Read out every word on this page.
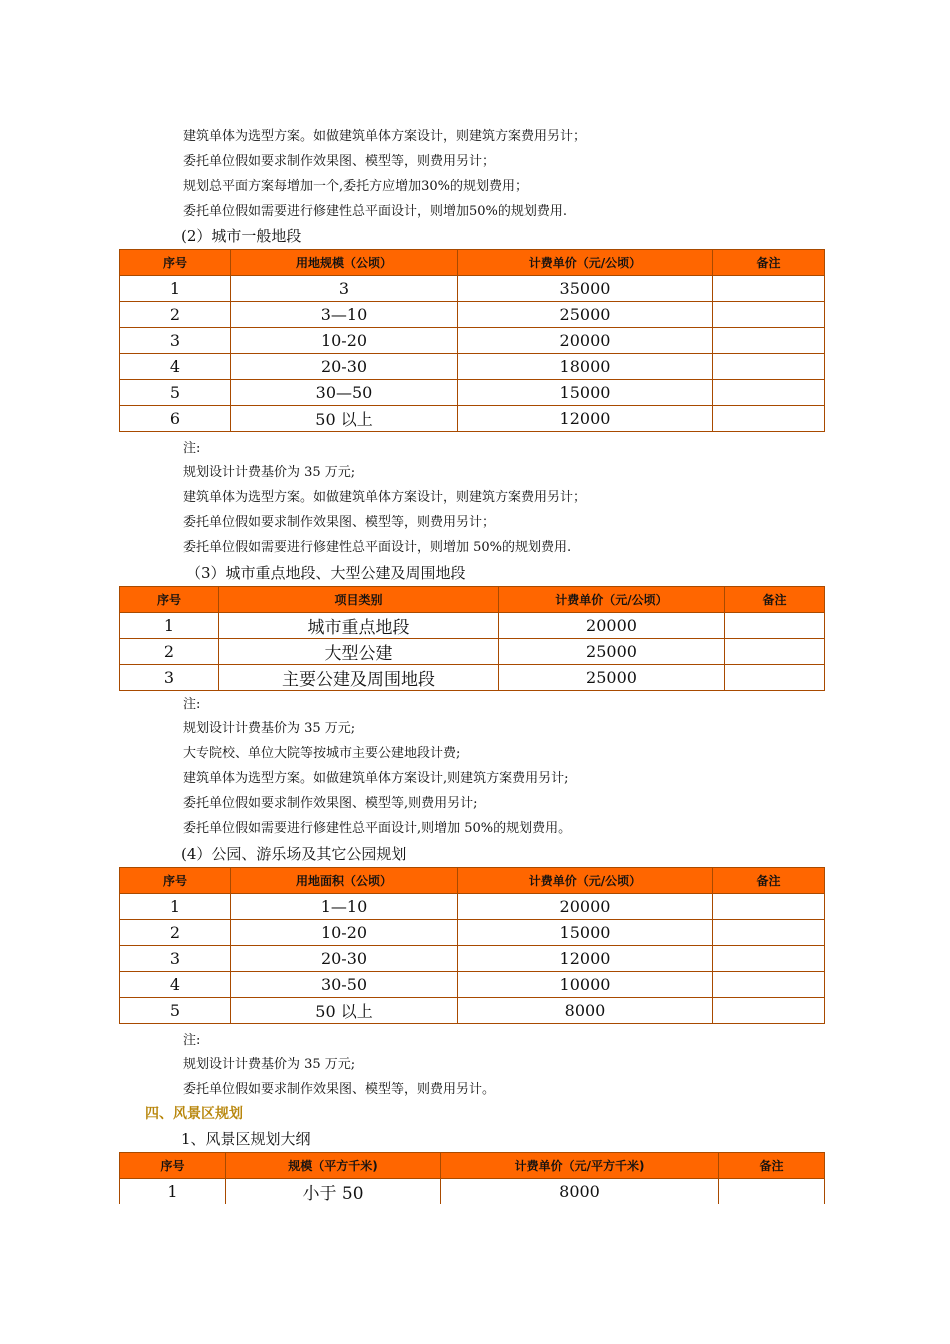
建筑单体为选型方案。如做建筑单体方案设计，则建筑方案费用另计；
委托单位假如要求制作效果图、模型等，则费用另计；
规划总平面方案每增加一个,委托方应增加30%的规划费用；
委托单位假如需要进行修建性总平面设计，则增加50%的规划费用.
(2）城市一般地段
序号	用地规模（公顷）	计费单价（元/公顷）	备注
1	3	35000	
2	3—10	25000	
3	10-20	20000	
4	20-30	18000	
5	30—50	15000	
6	50 以上	12000	
注:
规划设计计费基价为 35 万元;
建筑单体为选型方案。如做建筑单体方案设计，则建筑方案费用另计；
委托单位假如要求制作效果图、模型等，则费用另计；
委托单位假如需要进行修建性总平面设计，则增加 50%的规划费用.
（3）城市重点地段、大型公建及周围地段
序号	项目类别	计费单价（元/公顷）	备注
1	城市重点地段	20000	
2	大型公建	25000	
3	主要公建及周围地段	25000	
注:
规划设计计费基价为 35 万元;
大专院校、单位大院等按城市主要公建地段计费;
建筑单体为选型方案。如做建筑单体方案设计,则建筑方案费用另计;
委托单位假如要求制作效果图、模型等,则费用另计;
委托单位假如需要进行修建性总平面设计,则增加 50%的规划费用。
(4）公园、游乐场及其它公园规划
序号	用地面积（公顷）	计费单价（元/公顷）	备注
1	1—10	20000	
2	10-20	15000	
3	20-30	12000	
4	30-50	10000	
5	50 以上	8000	
注:
规划设计计费基价为 35 万元;
委托单位假如要求制作效果图、模型等，则费用另计。
四、风景区规划
1、风景区规划大纲
序号	规模（平方千米)	计费单价（元/平方千米)	备注
1	小于 50	8000	
